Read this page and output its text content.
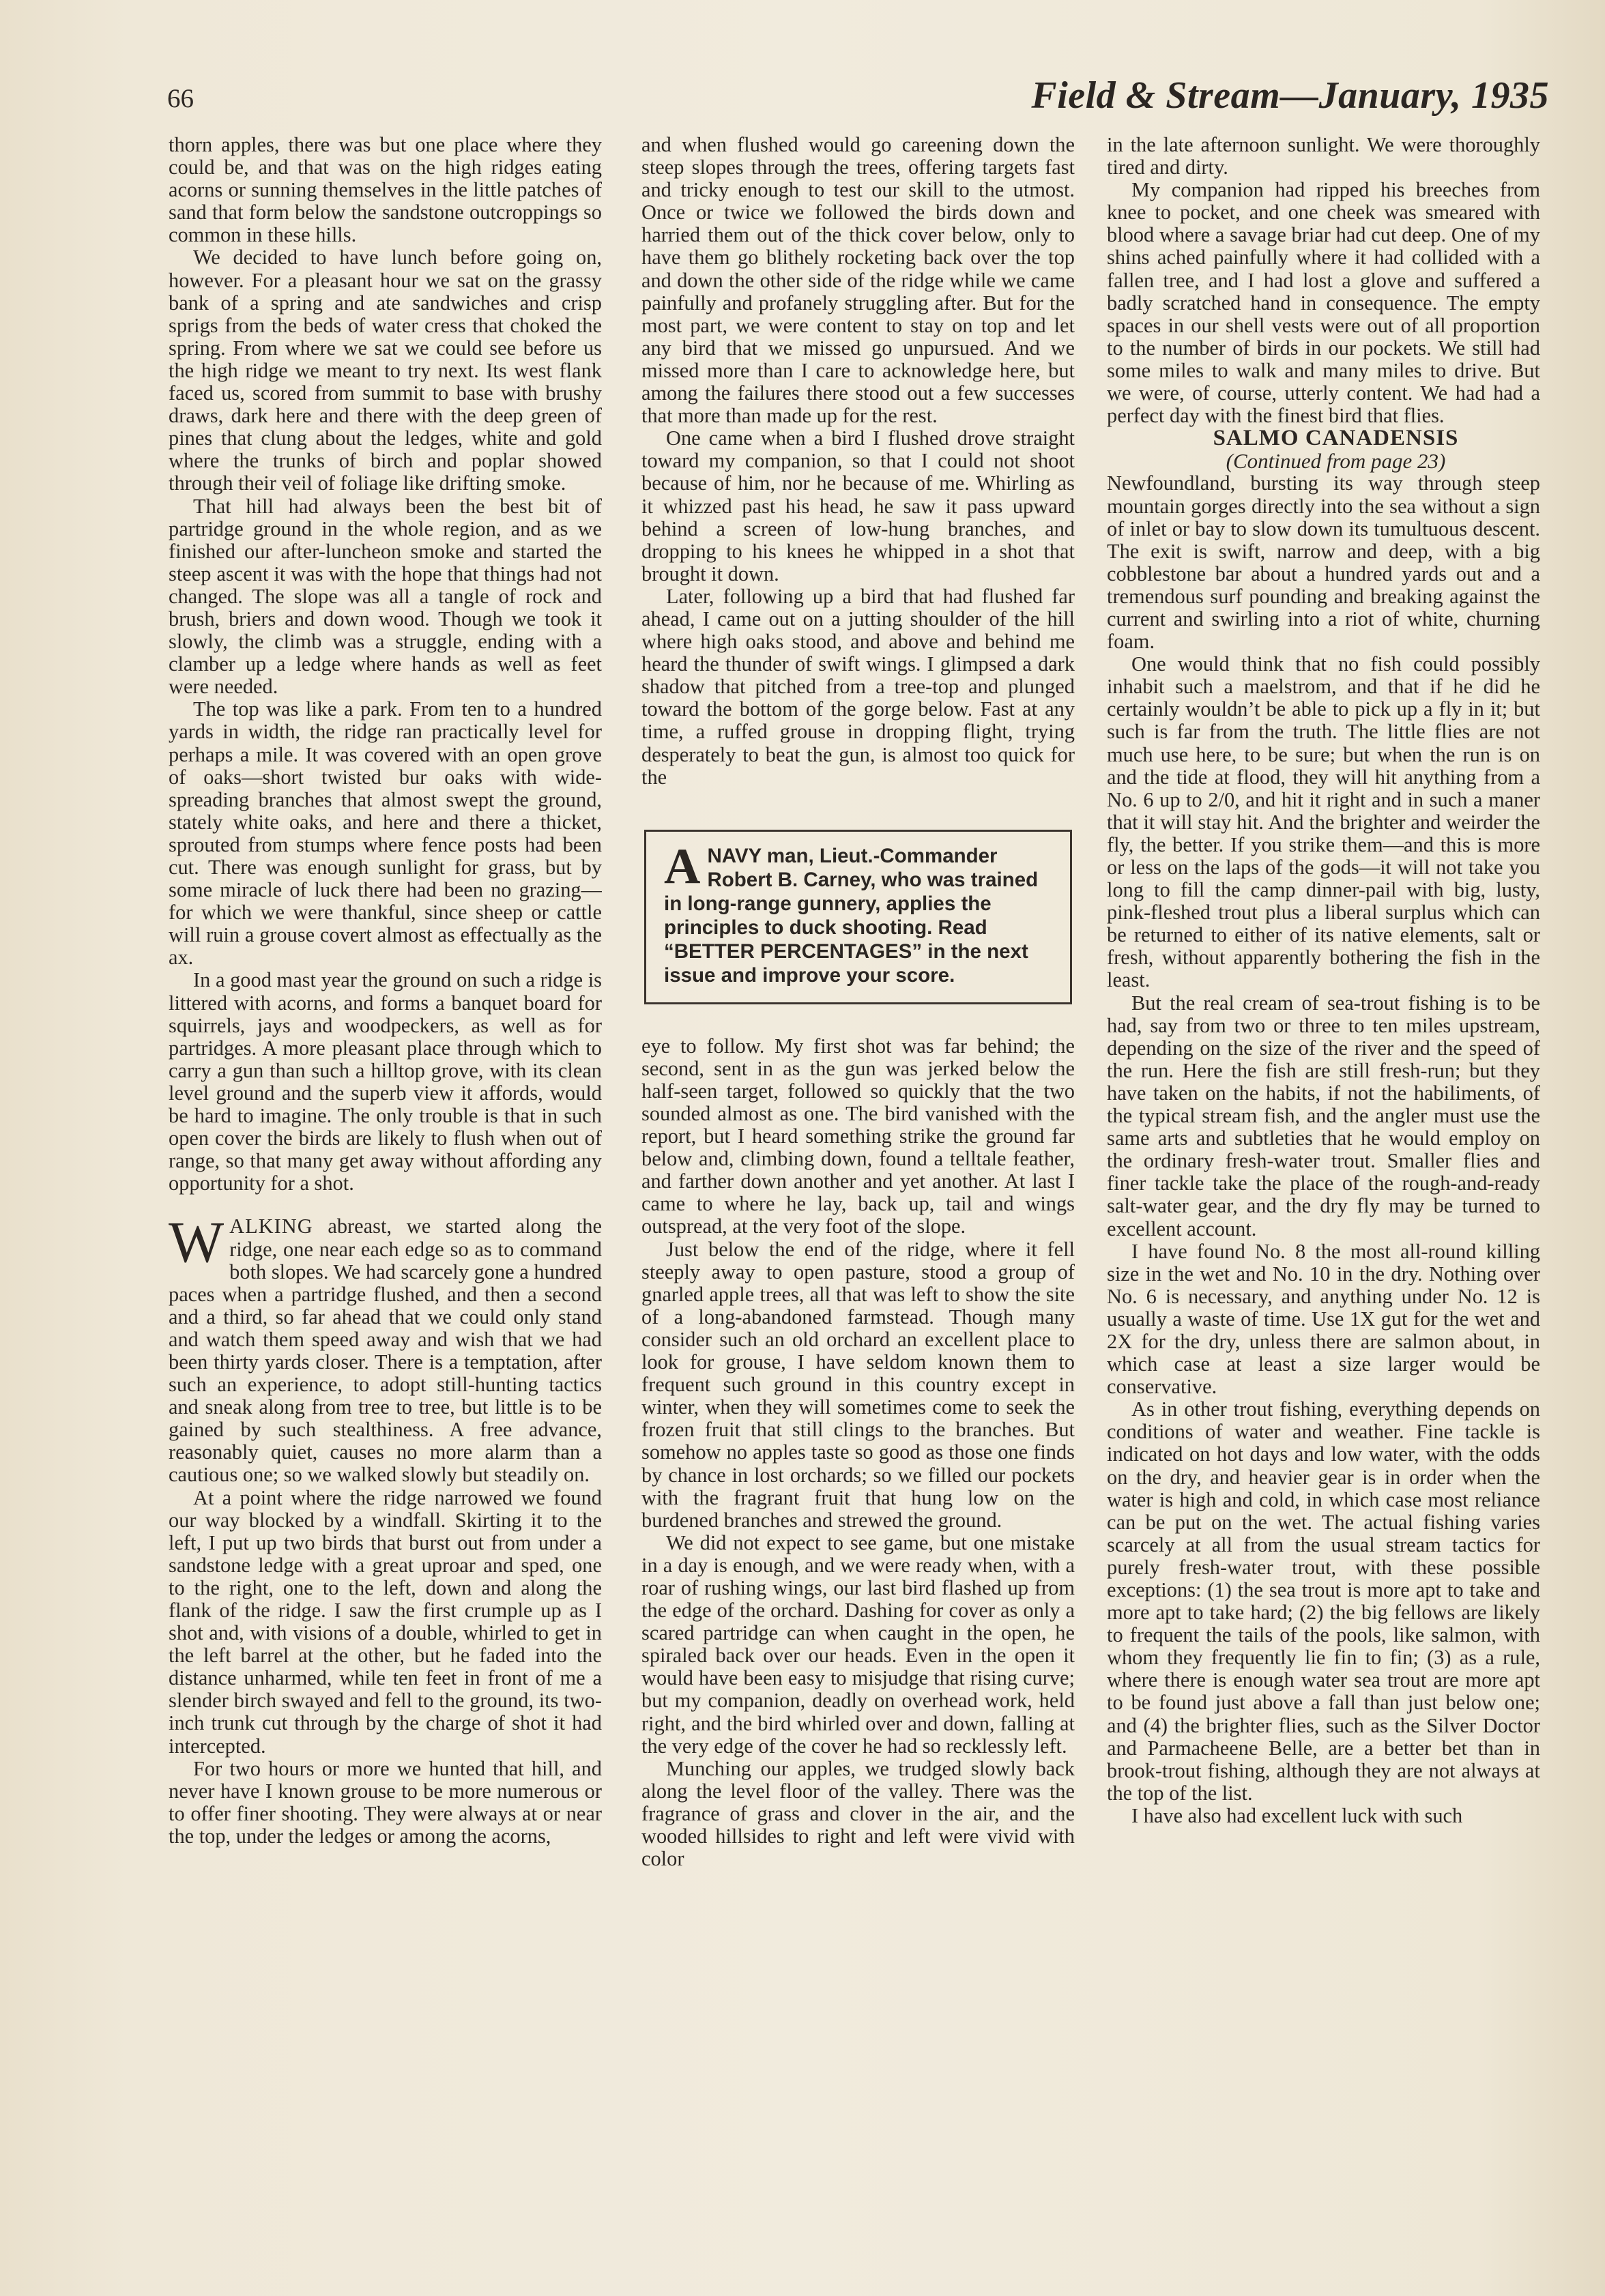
66	Field & Stream—January, 1935

thorn apples, there was but one place where they could be, and that was on the high ridges eating acorns or sunning themselves in the little patches of sand that form below the sandstone outcroppings so common in these hills.

We decided to have lunch before going on, however. For a pleasant hour we sat on the grassy bank of a spring and ate sandwiches and crisp sprigs from the beds of water cress that choked the spring. From where we sat we could see before us the high ridge we meant to try next. Its west flank faced us, scored from summit to base with brushy draws, dark here and there with the deep green of pines that clung about the ledges, white and gold where the trunks of birch and poplar showed through their veil of foliage like drifting smoke.

That hill had always been the best bit of partridge ground in the whole region, and as we finished our after-luncheon smoke and started the steep ascent it was with the hope that things had not changed. The slope was all a tangle of rock and brush, briers and down wood. Though we took it slowly, the climb was a struggle, ending with a clamber up a ledge where hands as well as feet were needed.

The top was like a park. From ten to a hundred yards in width, the ridge ran practically level for perhaps a mile. It was covered with an open grove of oaks—short twisted bur oaks with wide-spreading branches that almost swept the ground, stately white oaks, and here and there a thicket, sprouted from stumps where fence posts had been cut. There was enough sunlight for grass, but by some miracle of luck there had been no grazing—for which we were thankful, since sheep or cattle will ruin a grouse covert almost as effectually as the ax.

In a good mast year the ground on such a ridge is littered with acorns, and forms a banquet board for squirrels, jays and woodpeckers, as well as for partridges. A more pleasant place through which to carry a gun than such a hilltop grove, with its clean level ground and the superb view it affords, would be hard to imagine. The only trouble is that in such open cover the birds are likely to flush when out of range, so that many get away without affording any opportunity for a shot.

WALKING abreast, we started along the ridge, one near each edge so as to command both slopes. We had scarcely gone a hundred paces when a partridge flushed, and then a second and a third, so far ahead that we could only stand and watch them speed away and wish that we had been thirty yards closer. There is a temptation, after such an experience, to adopt still-hunting tactics and sneak along from tree to tree, but little is to be gained by such stealthiness. A free advance, reasonably quiet, causes no more alarm than a cautious one; so we walked slowly but steadily on.

At a point where the ridge narrowed we found our way blocked by a windfall. Skirting it to the left, I put up two birds that burst out from under a sandstone ledge with a great uproar and sped, one to the right, one to the left, down and along the flank of the ridge. I saw the first crumple up as I shot and, with visions of a double, whirled to get in the left barrel at the other, but he faded into the distance unharmed, while ten feet in front of me a slender birch swayed and fell to the ground, its two-inch trunk cut through by the charge of shot it had intercepted.

For two hours or more we hunted that hill, and never have I known grouse to be more numerous or to offer finer shooting. They were always at or near the top, under the ledges or among the acorns,

and when flushed would go careening down the steep slopes through the trees, offering targets fast and tricky enough to test our skill to the utmost. Once or twice we followed the birds down and harried them out of the thick cover below, only to have them go blithely rocketing back over the top and down the other side of the ridge while we came painfully and profanely struggling after. But for the most part, we were content to stay on top and let any bird that we missed go unpursued. And we missed more than I care to acknowledge here, but among the failures there stood out a few successes that more than made up for the rest.

One came when a bird I flushed drove straight toward my companion, so that I could not shoot because of him, nor he because of me. Whirling as it whizzed past his head, he saw it pass upward behind a screen of low-hung branches, and dropping to his knees he whipped in a shot that brought it down.

Later, following up a bird that had flushed far ahead, I came out on a jutting shoulder of the hill where high oaks stood, and above and behind me heard the thunder of swift wings. I glimpsed a dark shadow that pitched from a tree-top and plunged toward the bottom of the gorge below. Fast at any time, a ruffed grouse in dropping flight, trying desperately to beat the gun, is almost too quick for the

ANAVY man, Lieut.-Commander Robert B. Carney, who was trained in long-range gunnery, applies the principles to duck shooting. Read “BETTER PERCENTAGES” in the next issue and improve your score.

eye to follow. My first shot was far behind; the second, sent in as the gun was jerked below the half-seen target, followed so quickly that the two sounded almost as one. The bird vanished with the report, but I heard something strike the ground far below and, climbing down, found a telltale feather, and farther down another and yet another. At last I came to where he lay, back up, tail and wings outspread, at the very foot of the slope.

Just below the end of the ridge, where it fell steeply away to open pasture, stood a group of gnarled apple trees, all that was left to show the site of a long-abandoned farmstead. Though many consider such an old orchard an excellent place to look for grouse, I have seldom known them to frequent such ground in this country except in winter, when they will sometimes come to seek the frozen fruit that still clings to the branches. But somehow no apples taste so good as those one finds by chance in lost orchards; so we filled our pockets with the fragrant fruit that hung low on the burdened branches and strewed the ground.

We did not expect to see game, but one mistake in a day is enough, and we were ready when, with a roar of rushing wings, our last bird flashed up from the edge of the orchard. Dashing for cover as only a scared partridge can when caught in the open, he spiraled back over our heads. Even in the open it would have been easy to misjudge that rising curve; but my companion, deadly on overhead work, held right, and the bird whirled over and down, falling at the very edge of the cover he had so recklessly left.

Munching our apples, we trudged slowly back along the level floor of the valley. There was the fragrance of grass and clover in the air, and the wooded hillsides to right and left were vivid with color

in the late afternoon sunlight. We were thoroughly tired and dirty.

My companion had ripped his breeches from knee to pocket, and one cheek was smeared with blood where a savage briar had cut deep. One of my shins ached painfully where it had collided with a fallen tree, and I had lost a glove and suffered a badly scratched hand in consequence. The empty spaces in our shell vests were out of all proportion to the number of birds in our pockets. We still had some miles to walk and many miles to drive. But we were, of course, utterly content. We had had a perfect day with the finest bird that flies.

SALMO CANADENSIS

(Continued from page 23)

Newfoundland, bursting its way through steep mountain gorges directly into the sea without a sign of inlet or bay to slow down its tumultuous descent. The exit is swift, narrow and deep, with a big cobblestone bar about a hundred yards out and a tremendous surf pounding and breaking against the current and swirling into a riot of white, churning foam.

One would think that no fish could possibly inhabit such a maelstrom, and that if he did he certainly wouldn’t be able to pick up a fly in it; but such is far from the truth. The little flies are not much use here, to be sure; but when the run is on and the tide at flood, they will hit anything from a No. 6 up to 2/0, and hit it right and in such a maner that it will stay hit. And the brighter and weirder the fly, the better. If you strike them—and this is more or less on the laps of the gods—it will not take you long to fill the camp dinner-pail with big, lusty, pink-fleshed trout plus a liberal surplus which can be returned to either of its native elements, salt or fresh, without apparently bothering the fish in the least.

But the real cream of sea-trout fishing is to be had, say from two or three to ten miles upstream, depending on the size of the river and the speed of the run. Here the fish are still fresh-run; but they have taken on the habits, if not the habiliments, of the typical stream fish, and the angler must use the same arts and subtleties that he would employ on the ordinary fresh-water trout. Smaller flies and finer tackle take the place of the rough-and-ready salt-water gear, and the dry fly may be turned to excellent account.

I have found No. 8 the most all-round killing size in the wet and No. 10 in the dry. Nothing over No. 6 is necessary, and anything under No. 12 is usually a waste of time. Use 1X gut for the wet and 2X for the dry, unless there are salmon about, in which case at least a size larger would be conservative.

As in other trout fishing, everything depends on conditions of water and weather. Fine tackle is indicated on hot days and low water, with the odds on the dry, and heavier gear is in order when the water is high and cold, in which case most reliance can be put on the wet. The actual fishing varies scarcely at all from the usual stream tactics for purely fresh-water trout, with these possible exceptions: (1) the sea trout is more apt to take and more apt to take hard; (2) the big fellows are likely to frequent the tails of the pools, like salmon, with whom they frequently lie fin to fin; (3) as a rule, where there is enough water sea trout are more apt to be found just above a fall than just below one; and (4) the brighter flies, such as the Silver Doctor and Parmacheene Belle, are a better bet than in brook-trout fishing, although they are not always at the top of the list.

I have also had excellent luck with such
